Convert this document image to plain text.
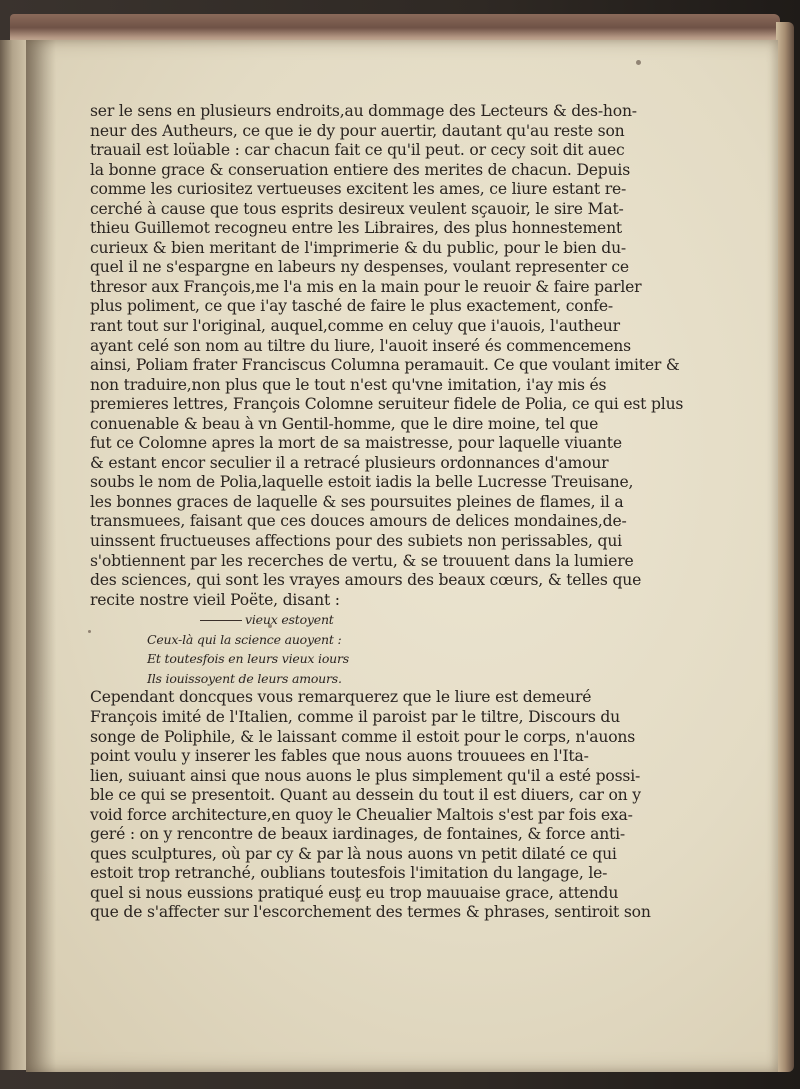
ser le sens en plusieurs endroits,au dommage des Lecteurs & des-hon-
neur des Autheurs, ce que ie dy pour auertir, dautant qu'au reste son
trauail est loüable : car chacun fait ce qu'il peut. or cecy soit dit auec
la bonne grace & conseruation entiere des merites de chacun. Depuis
comme les curiositez vertueuses excitent les ames, ce liure estant re-
cerché à cause que tous esprits desireux veulent sçauoir, le sire Mat-
thieu Guillemot recogneu entre les Libraires, des plus honnestement
curieux & bien meritant de l'imprimerie & du public, pour le bien du-
quel il ne s'espargne en labeurs ny despenses, voulant representer ce
thresor aux François,me l'a mis en la main pour le reuoir & faire parler
plus poliment, ce que i'ay tasché de faire le plus exactement, confe-
rant tout sur l'original, auquel,comme en celuy que i'auois, l'autheur
ayant celé son nom au tiltre du liure, l'auoit inseré és commencemens
ainsi, Poliam frater Franciscus Columna peramauit. Ce que voulant imiter &
non traduire,non plus que le tout n'est qu'vne imitation, i'ay mis és
premieres lettres, François Colomne seruiteur fidele de Polia, ce qui est plus
conuenable & beau à vn Gentil-homme, que le dire moine, tel que
fut ce Colomne apres la mort de sa maistresse, pour laquelle viuante
& estant encor seculier il a retracé plusieurs ordonnances d'amour
soubs le nom de Polia,laquelle estoit iadis la belle Lucresse Treuisane,
les bonnes graces de laquelle & ses poursuites pleines de flames, il a
transmuees, faisant que ces douces amours de delices mondaines,de-
uinssent fructueuses affections pour des subiets non perissables, qui
s'obtiennent par les recerches de vertu, & se trouuent dans la lumiere
des sciences, qui sont les vrayes amours des beaux cœurs, & telles que
recite nostre vieil Poëte, disant :
vieux estoyent
Ceux-là qui la science auoyent :
Et toutesfois en leurs vieux iours
Ils iouissoyent de leurs amours.
Cependant doncques vous remarquerez que le liure est demeuré
François imité de l'Italien, comme il paroist par le tiltre, Discours du
songe de Poliphile, & le laissant comme il estoit pour le corps, n'auons
point voulu y inserer les fables que nous auons trouuees en l'Ita-
lien, suiuant ainsi que nous auons le plus simplement qu'il a esté possi-
ble ce qui se presentoit. Quant au dessein du tout il est diuers, car on y
void force architecture,en quoy le Cheualier Maltois s'est par fois exa-
geré : on y rencontre de beaux iardinages, de fontaines, & force anti-
ques sculptures, où par cy & par là nous auons vn petit dilaté ce qui
estoit trop retranché, oublians toutesfois l'imitation du langage, le-
quel si nous eussions pratiqué eust eu trop mauuaise grace, attendu
que de s'affecter sur l'escorchement des termes & phrases, sentiroit son
